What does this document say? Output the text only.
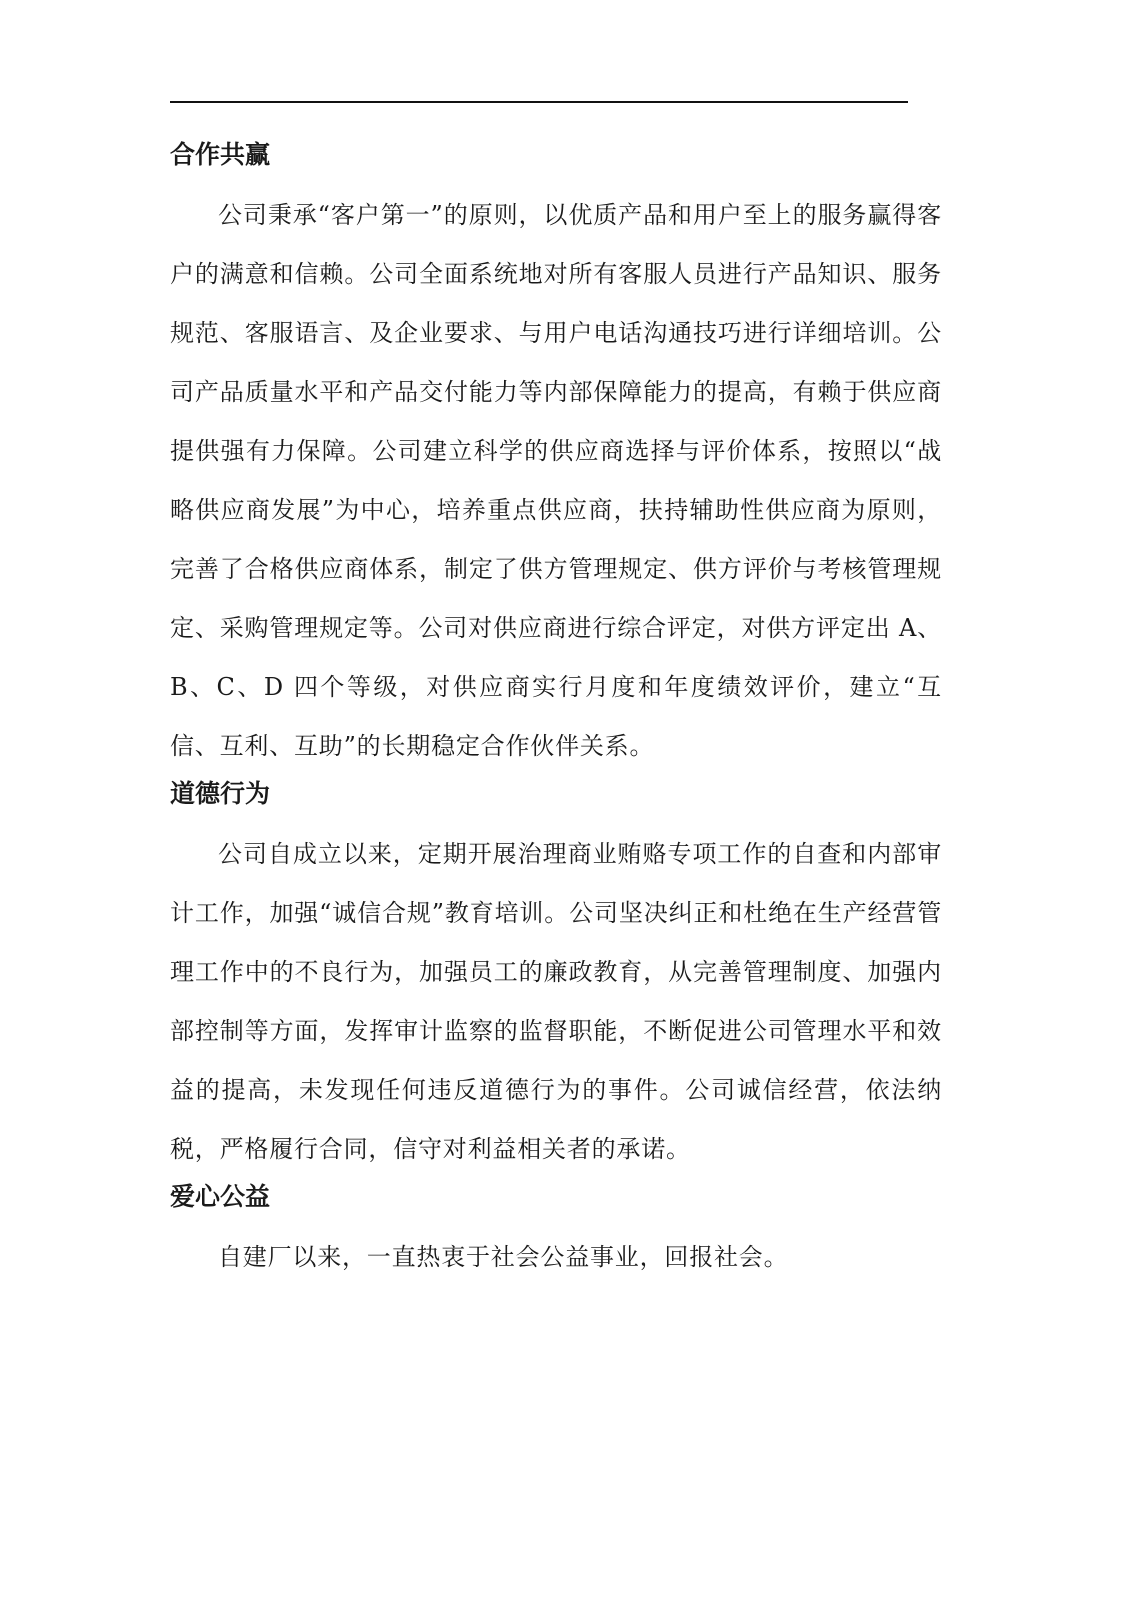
合作共赢

公司秉承“客户第一”的原则，以优质产品和用户至上的服务赢得客户的满意和信赖。公司全面系统地对所有客服人员进行产品知识、服务规范、客服语言、及企业要求、与用户电话沟通技巧进行详细培训。公司产品质量水平和产品交付能力等内部保障能力的提高，有赖于供应商提供强有力保障。公司建立科学的供应商选择与评价体系，按照以“战略供应商发展”为中心，培养重点供应商，扶持辅助性供应商为原则，完善了合格供应商体系，制定了供方管理规定、供方评价与考核管理规定、采购管理规定等。公司对供应商进行综合评定，对供方评定出 A、B、C、D 四个等级，对供应商实行月度和年度绩效评价，建立“互信、互利、互助”的长期稳定合作伙伴关系。

道德行为

公司自成立以来，定期开展治理商业贿赂专项工作的自查和内部审计工作，加强“诚信合规”教育培训。公司坚决纠正和杜绝在生产经营管理工作中的不良行为，加强员工的廉政教育，从完善管理制度、加强内部控制等方面，发挥审计监察的监督职能，不断促进公司管理水平和效益的提高，未发现任何违反道德行为的事件。公司诚信经营，依法纳税，严格履行合同，信守对利益相关者的承诺。

爱心公益

自建厂以来，一直热衷于社会公益事业，回报社会。
